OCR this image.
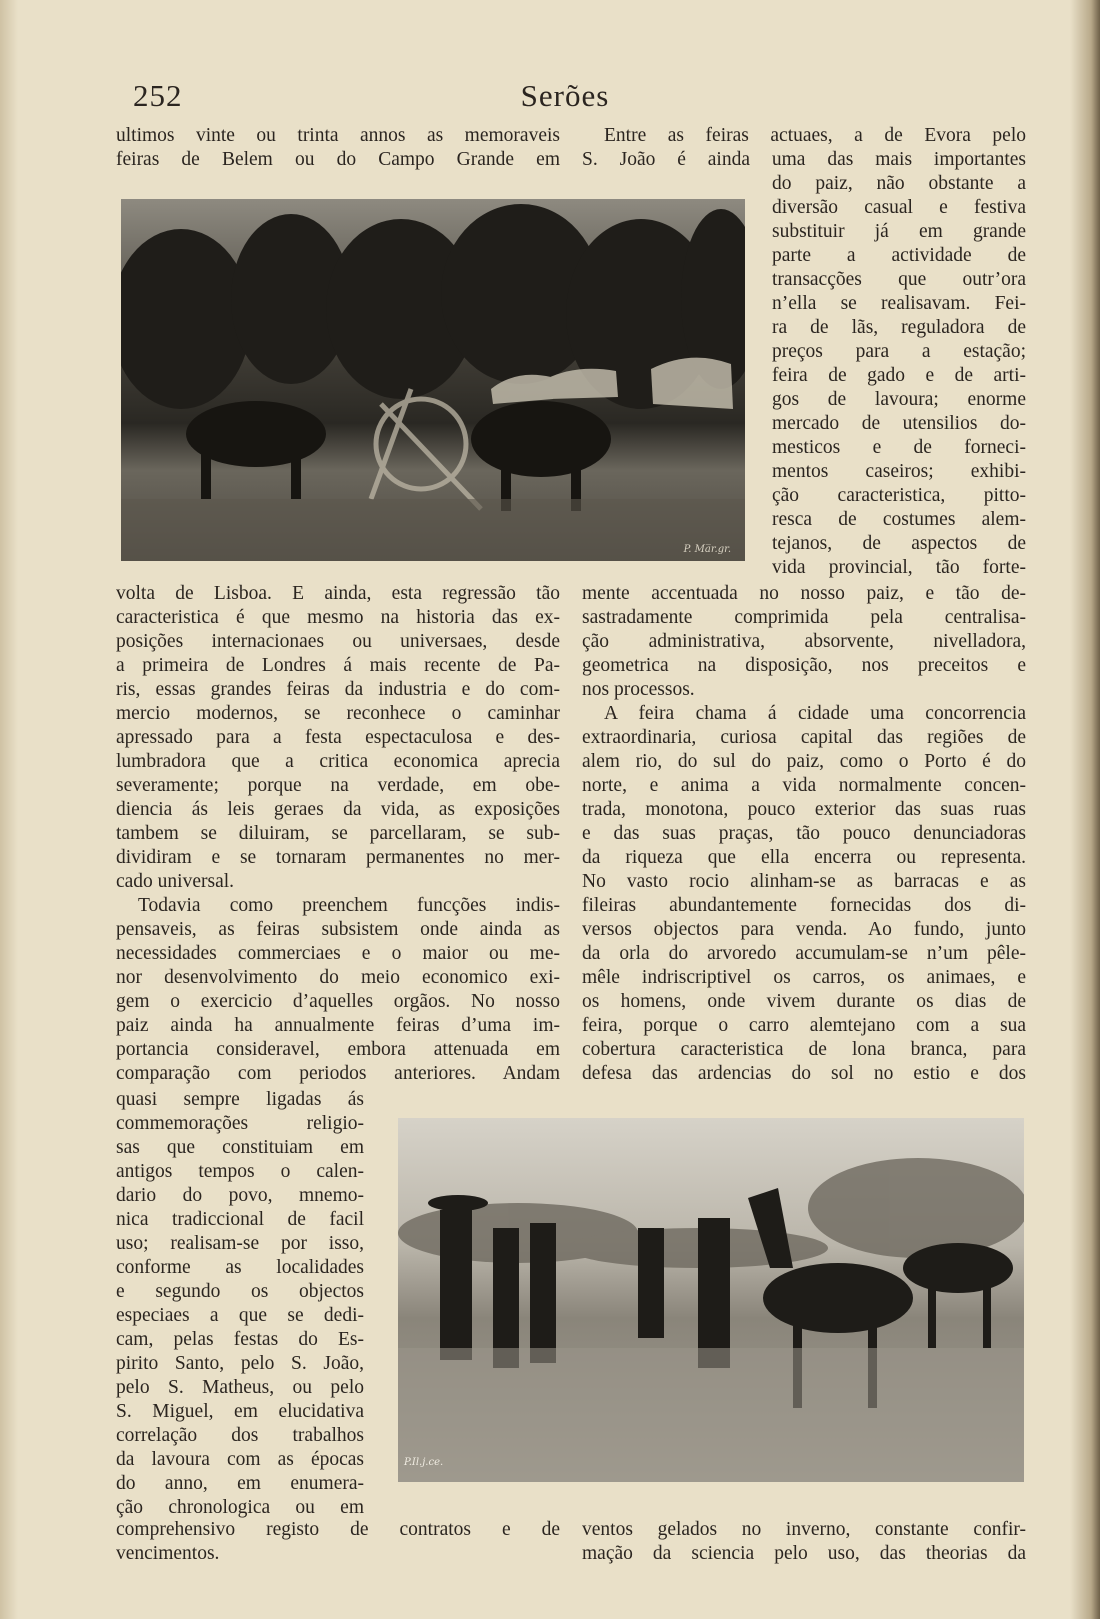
252	Serões
ultimos vinte ou trinta annos as memoraveis
feiras de Belem ou do Campo Grande em
Entre as feiras actuaes, a de Evora pelo
S. João é ainda uma das mais importantes
do paiz, não obstante a
diversão casual e festiva
substituir já em grande
parte a actividade de
transacções que outr’ora
n’ella se realisavam. Fei-
ra de lãs, reguladora de
preços para a estação;
feira de gado e de arti-
gos de lavoura; enorme
mercado de utensilios do-
mesticos e de forneci-
mentos caseiros; exhibi-
ção caracteristica, pitto-
resca de costumes alem-
tejanos, de aspectos de
vida provincial, tão forte-
P. Ma̅r.gr.
volta de Lisboa. E ainda, esta regressão tão
caracteristica é que mesmo na historia das ex-
posições internacionaes ou universaes, desde
a primeira de Londres á mais recente de Pa-
ris, essas grandes feiras da industria e do com-
mercio modernos, se reconhece o caminhar
apressado para a festa espectaculosa e des-
lumbradora que a critica economica aprecia
severamente; porque na verdade, em obe-
diencia ás leis geraes da vida, as exposições
tambem se diluiram, se parcellaram, se sub-
dividiram e se tornaram permanentes no mer-
cado universal.
Todavia como preenchem funcções indis-
pensaveis, as feiras subsistem onde ainda as
necessidades commerciaes e o maior ou me-
nor desenvolvimento do meio economico exi-
gem o exercicio d’aquelles orgãos. No nosso
paiz ainda ha annualmente feiras d’uma im-
portancia consideravel, embora attenuada em
comparação com periodos anteriores. Andam
mente accentuada no nosso paiz, e tão de-
sastradamente comprimida pela centralisa-
ção administrativa, absorvente, nivelladora,
geometrica na disposição, nos preceitos e
nos processos.
A feira chama á cidade uma concorrencia
extraordinaria, curiosa capital das regiões de
alem rio, do sul do paiz, como o Porto é do
norte, e anima a vida normalmente concen-
trada, monotona, pouco exterior das suas ruas
e das suas praças, tão pouco denunciadoras
da riqueza que ella encerra ou representa.
No vasto rocio alinham-se as barracas e as
fileiras abundantemente fornecidas dos di-
versos objectos para venda. Ao fundo, junto
da orla do arvoredo accumulam-se n’um pêle-
mêle indriscriptivel os carros, os animaes, e
os homens, onde vivem durante os dias de
feira, porque o carro alemtejano com a sua
cobertura caracteristica de lona branca, para
defesa das ardencias do sol no estio e dos
quasi sempre ligadas ás
commemorações religio-
sas que constituiam em
antigos tempos o calen-
dario do povo, mnemo-
nica tradiccional de facil
uso; realisam-se por isso,
conforme as localidades
e segundo os objectos
especiaes a que se dedi-
cam, pelas festas do Es-
pirito Santo, pelo S. João,
pelo S. Matheus, ou pelo
S. Miguel, em elucidativa
correlação dos trabalhos
da lavoura com as épocas
do anno, em enumera-
ção chronologica ou em
P.Il.j.ce.
comprehensivo registo de contratos e de
vencimentos.
ventos gelados no inverno, constante confir-
mação da sciencia pelo uso, das theorias da
